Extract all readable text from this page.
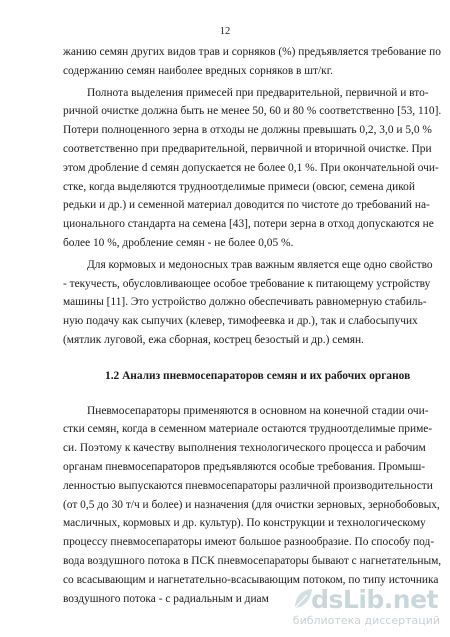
12
жанию семян других видов трав и сорняков (%) предъявляется требование по
содержанию семян наиболее вредных сорняков в шт/кг.
Полнота выделения примесей при предварительной, первичной и вто-
ричной очистке должна быть не менее 50, 60 и 80 % соответственно [53, 110].
Потери полноценного зерна в отходы не должны превышать 0,2, 3,0 и 5,0 %
соответственно при предварительной, первичной и вторичной очистке. При
этом дробление d семян допускается не более 0,1 %. При окончательной очи-
стке, когда выделяются трудноотделимые примеси (овсюг, семена дикой
редьки и др.) и семенной материал доводится по чистоте до требований на-
ционального стандарта на семена [43], потери зерна в отход допускаются не
более 10 %, дробление семян - не более 0,05 %.
Для кормовых и медоносных трав важным является еще одно свойство
- текучесть, обусловливающее особое требование к питающему устройству
машины [11]. Это устройство должно обеспечивать равномерную стабиль-
ную подачу как сыпучих (клевер, тимофеевка и др.), так и слабосыпучих
(мятлик луговой, ежа сборная, кострец безостый и др.) семян.
1.2 Анализ пневмосепараторов семян и их рабочих органов
Пневмосепараторы применяются в основном на конечной стадии очи-
стки семян, когда в семенном материале остаются трудноотделимые приме-
си. Поэтому к качеству выполнения технологического процесса и рабочим
органам пневмосепараторов предъявляются особые требования. Промыш-
ленностью выпускаются пневмосепараторы различной производительности
(от 0,5 до 30 т/ч и более) и назначения (для очистки зерновых, зернобобовых,
масличных, кормовых и др. культур). По конструкции и технологическому
процессу пневмосепараторы имеют большое разнообразие. По способу под-
вода воздушного потока в ПСК пневмосепараторы бывают с нагнетательным,
со всасывающим и нагнетательно-всасывающим потоком, по типу источника
воздушного потока - с радиальным и диам	dsLib.net
библиотека диссертаций
